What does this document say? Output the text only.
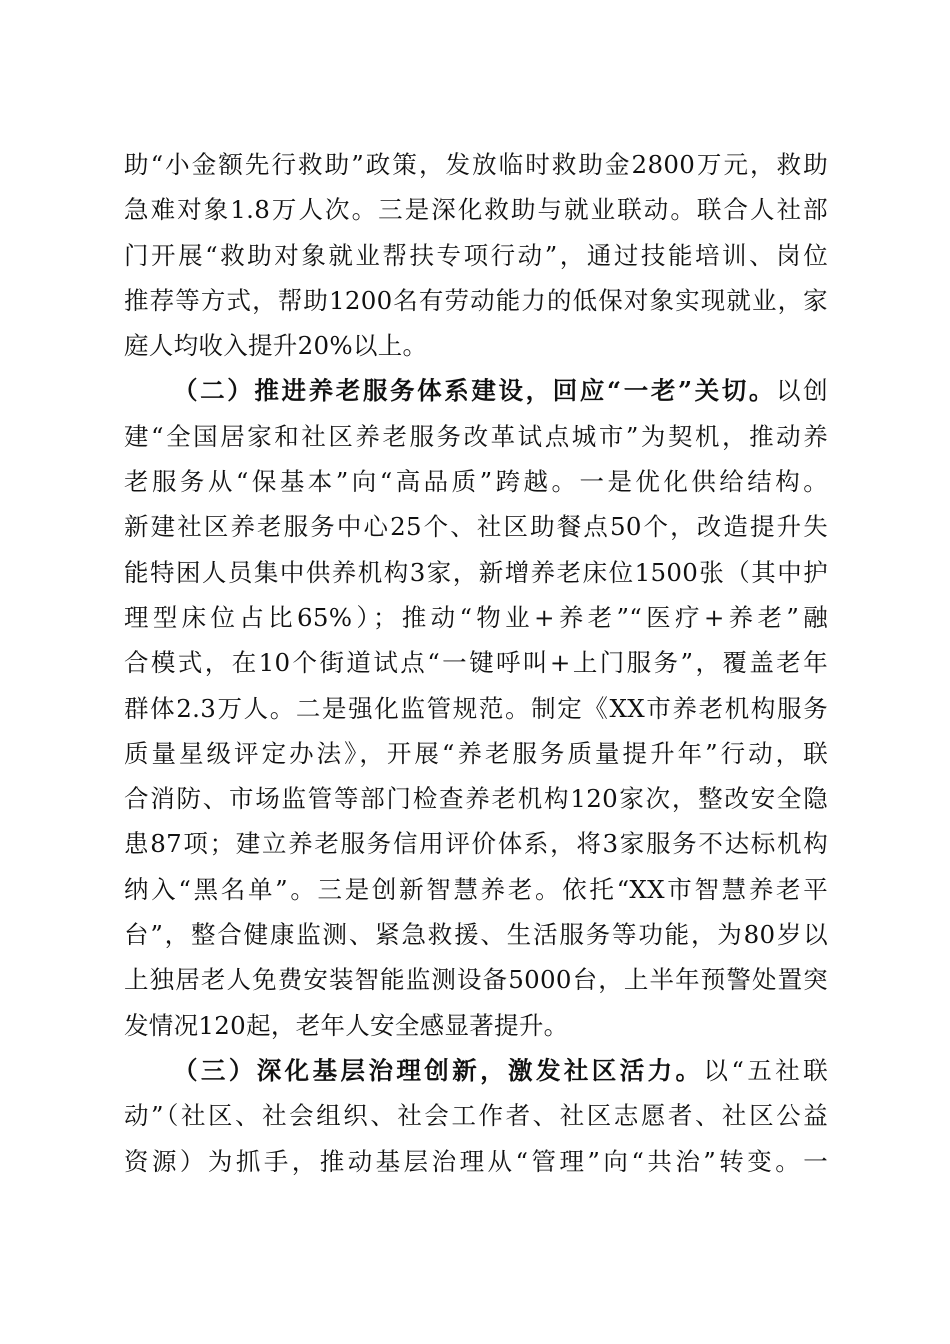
助“小金额先行救助”政策，发放临时救助金2800万元，救助
急难对象1.8万人次。三是深化救助与就业联动。联合人社部
门开展“救助对象就业帮扶专项行动”，通过技能培训、岗位
推荐等方式，帮助1200名有劳动能力的低保对象实现就业，家
庭人均收入提升20%以上。
（二）推进养老服务体系建设，回应“一老”关切。以创
建“全国居家和社区养老服务改革试点城市”为契机，推动养
老服务从“保基本”向“高品质”跨越。一是优化供给结构。
新建社区养老服务中心25个、社区助餐点50个，改造提升失
能特困人员集中供养机构3家，新增养老床位1500张（其中护
理型床位占比65%）；推动“物业+养老”“医疗+养老”融
合模式，在10个街道试点“一键呼叫+上门服务”，覆盖老年
群体2.3万人。二是强化监管规范。制定《XX市养老机构服务
质量星级评定办法》，开展“养老服务质量提升年”行动，联
合消防、市场监管等部门检查养老机构120家次，整改安全隐
患87项；建立养老服务信用评价体系，将3家服务不达标机构
纳入“黑名单”。三是创新智慧养老。依托“XX市智慧养老平
台”，整合健康监测、紧急救援、生活服务等功能，为80岁以
上独居老人免费安装智能监测设备5000台，上半年预警处置突
发情况120起，老年人安全感显著提升。
（三）深化基层治理创新，激发社区活力。以“五社联
动”（社区、社会组织、社会工作者、社区志愿者、社区公益
资源）为抓手，推动基层治理从“管理”向“共治”转变。一
